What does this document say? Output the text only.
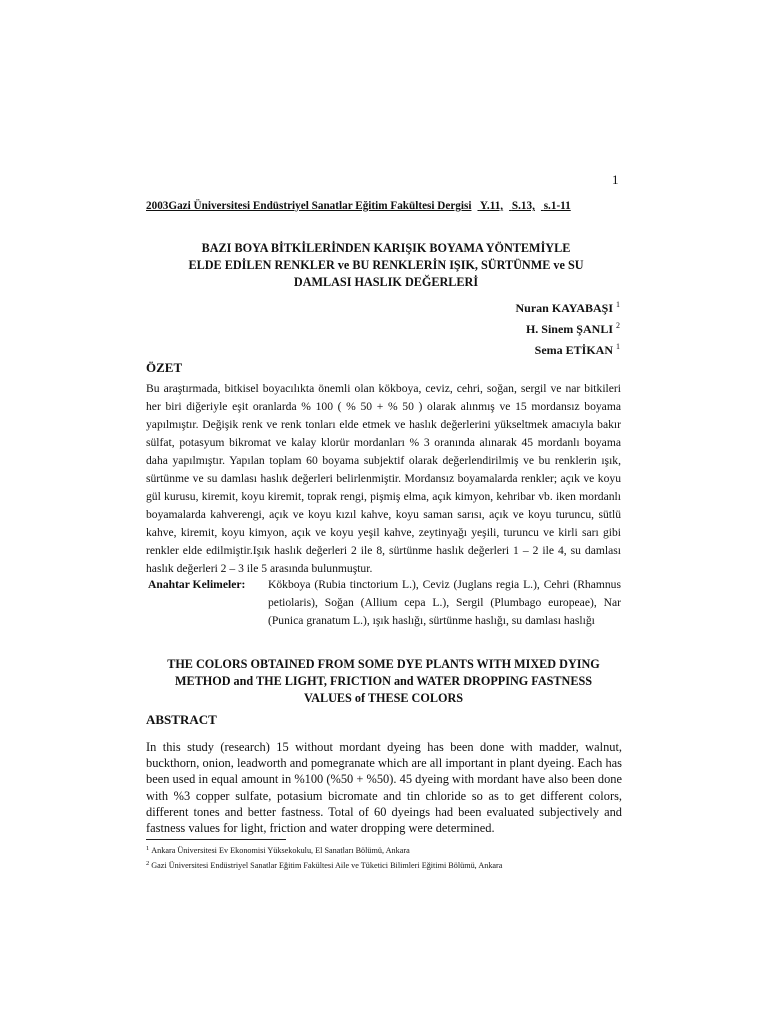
1
2003Gazi Üniversitesi Endüstriyel Sanatlar Eğitim Fakültesi Dergisi Y.11, S.13, s.1-11
BAZI BOYA BİTKİLERİNDEN KARIŞIK BOYAMA YÖNTEMİYLE
ELDE EDİLEN RENKLER ve BU RENKLERİN IŞIK, SÜRTÜNME ve SU
DAMLASI HASLIK DEĞERLERİ
Nuran KAYABAŞI $^1$
H. Sinem ŞANLI $^2$
Sema ETİKAN $^1$
ÖZET
Bu araştırmada, bitkisel boyacılıkta önemli olan kökboya, ceviz, cehri, soğan, sergil ve nar bitkileri her biri diğeriyle eşit oranlarda % 100 ( % 50 + % 50 ) olarak alınmış ve 15 mordansız boyama yapılmıştır. Değişik renk ve renk tonları elde etmek ve haslık değerlerini yükseltmek amacıyla bakır sülfat, potasyum bikromat ve kalay klorür mordanları % 3 oranında alınarak 45 mordanlı boyama daha yapılmıştır. Yapılan toplam 60 boyama subjektif olarak değerlendirilmiş ve bu renklerin ışık, sürtünme ve su damlası haslık değerleri belirlenmiştir. Mordansız boyamalarda renkler; açık ve koyu gül kurusu, kiremit, koyu kiremit, toprak rengi, pişmiş elma, açık kimyon, kehribar vb. iken mordanlı boyamalarda kahverengi, açık ve koyu kızıl kahve, koyu saman sarısı, açık ve koyu turuncu, sütlü kahve, kiremit, koyu kimyon, açık ve koyu yeşil kahve, zeytinyağı yeşili, turuncu ve kirli sarı gibi renkler elde edilmiştir.Işık haslık değerleri 2 ile 8, sürtünme haslık değerleri 1 – 2 ile 4, su damlası haslık değerleri 2 – 3 ile 5 arasında bulunmuştur.
Anahtar Kelimeler: Kökboya (Rubia tinctorium L.), Ceviz (Juglans regia L.), Cehri (Rhamnus petiolaris), Soğan (Allium cepa L.), Sergil (Plumbago europeae), Nar (Punica granatum L.), ışık haslığı, sürtünme haslığı, su damlası haslığı
THE COLORS OBTAINED FROM SOME DYE PLANTS WITH MIXED DYING
METHOD and THE LIGHT, FRICTION and WATER DROPPING FASTNESS
VALUES of THESE COLORS
ABSTRACT
In this study (research) 15 without mordant dyeing has been done with madder, walnut, buckthorn, onion, leadworth and pomegranate which are all important in plant dyeing. Each has been used in equal amount in %100 (%50 + %50). 45 dyeing with mordant have also been done with %3 copper sulfate, potasium bicromate and tin chloride so as to get different colors, different tones and better fastness. Total of 60 dyeings had been evaluated subjectively and fastness values for light, friction and water dropping were determined.
$^1$ Ankara Üniversitesi Ev Ekonomisi Yüksekokulu, El Sanatları Bölümü, Ankara
$^2$ Gazi Üniversitesi Endüstriyel Sanatlar Eğitim Fakültesi Aile ve Tüketici Bilimleri Eğitimi Bölümü, Ankara
